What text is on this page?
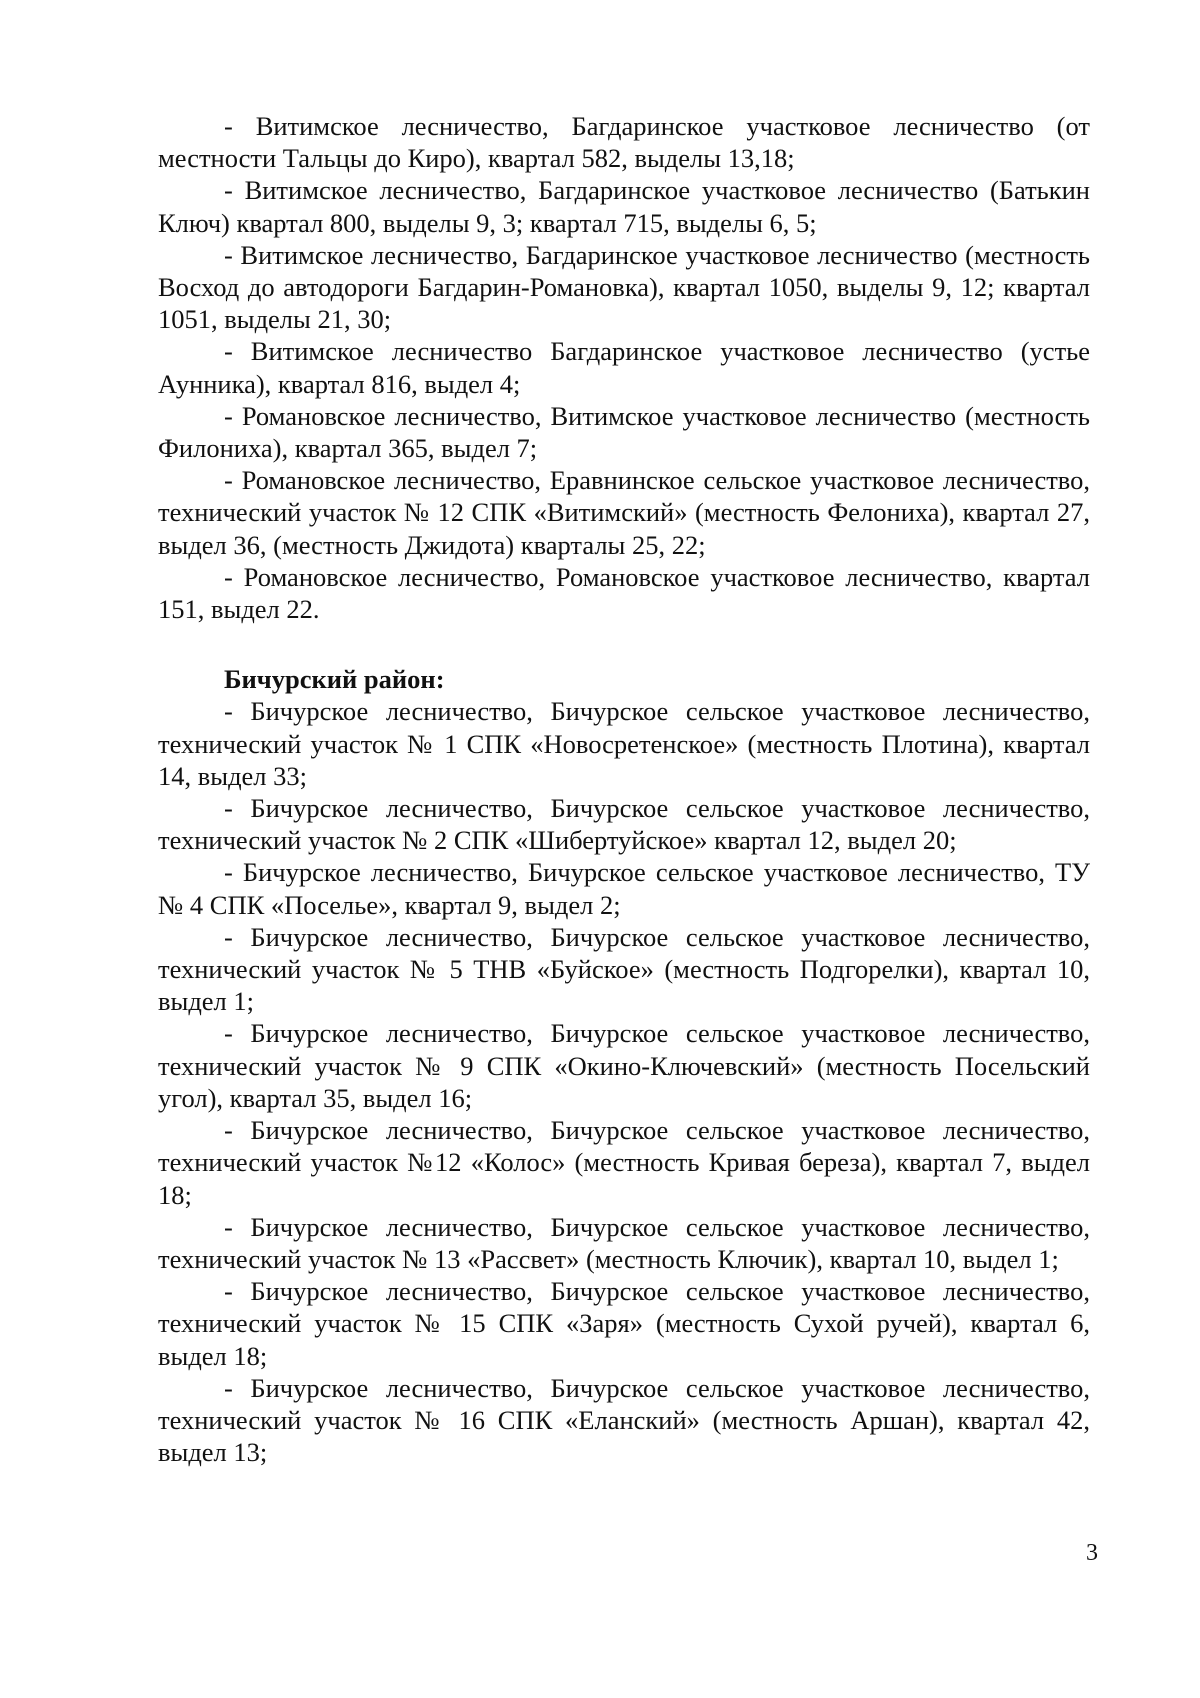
- Витимское лесничество, Багдаринское участковое лесничество (от местности Тальцы до Киро), квартал 582, выделы 13,18;

- Витимское лесничество, Багдаринское участковое лесничество (Батькин Ключ) квартал 800, выделы 9, 3; квартал 715, выделы 6, 5;

- Витимское лесничество, Багдаринское участковое лесничество (местность Восход до автодороги Багдарин-Романовка), квартал 1050, выделы 9, 12; квартал 1051, выделы 21, 30;

- Витимское лесничество Багдаринское участковое лесничество (устье Аунника), квартал 816, выдел 4;

- Романовское лесничество, Витимское участковое лесничество (местность Филониха), квартал 365, выдел 7;

- Романовское лесничество, Еравнинское сельское участковое лесничество, технический участок № 12 СПК «Витимский» (местность Фелониха), квартал 27, выдел 36, (местность Джидота) кварталы 25, 22;

- Романовское лесничество, Романовское участковое лесничество, квартал 151, выдел 22.

Бичурский район:

- Бичурское лесничество, Бичурское сельское участковое лесничество, технический участок № 1 СПК «Новосретенское» (местность Плотина), квартал 14, выдел 33;

- Бичурское лесничество, Бичурское сельское участковое лесничество, технический участок № 2 СПК «Шибертуйское» квартал 12, выдел 20;

- Бичурское лесничество, Бичурское сельское участковое лесничество, ТУ № 4 СПК «Поселье», квартал 9, выдел 2;

- Бичурское лесничество, Бичурское сельское участковое лесничество, технический участок № 5 ТНВ «Буйское» (местность Подгорелки), квартал 10, выдел 1;

- Бичурское лесничество, Бичурское сельское участковое лесничество, технический участок № 9 СПК «Окино-Ключевский» (местность Посельский угол), квартал 35, выдел 16;

- Бичурское лесничество, Бичурское сельское участковое лесничество, технический участок №12 «Колос» (местность Кривая береза), квартал 7, выдел 18;

- Бичурское лесничество, Бичурское сельское участковое лесничество, технический участок № 13 «Рассвет» (местность Ключик), квартал 10, выдел 1;

- Бичурское лесничество, Бичурское сельское участковое лесничество, технический участок № 15 СПК «Заря» (местность Сухой ручей), квартал 6, выдел 18;

- Бичурское лесничество, Бичурское сельское участковое лесничество, технический участок № 16 СПК «Еланский» (местность Аршан), квартал 42, выдел 13;

3
